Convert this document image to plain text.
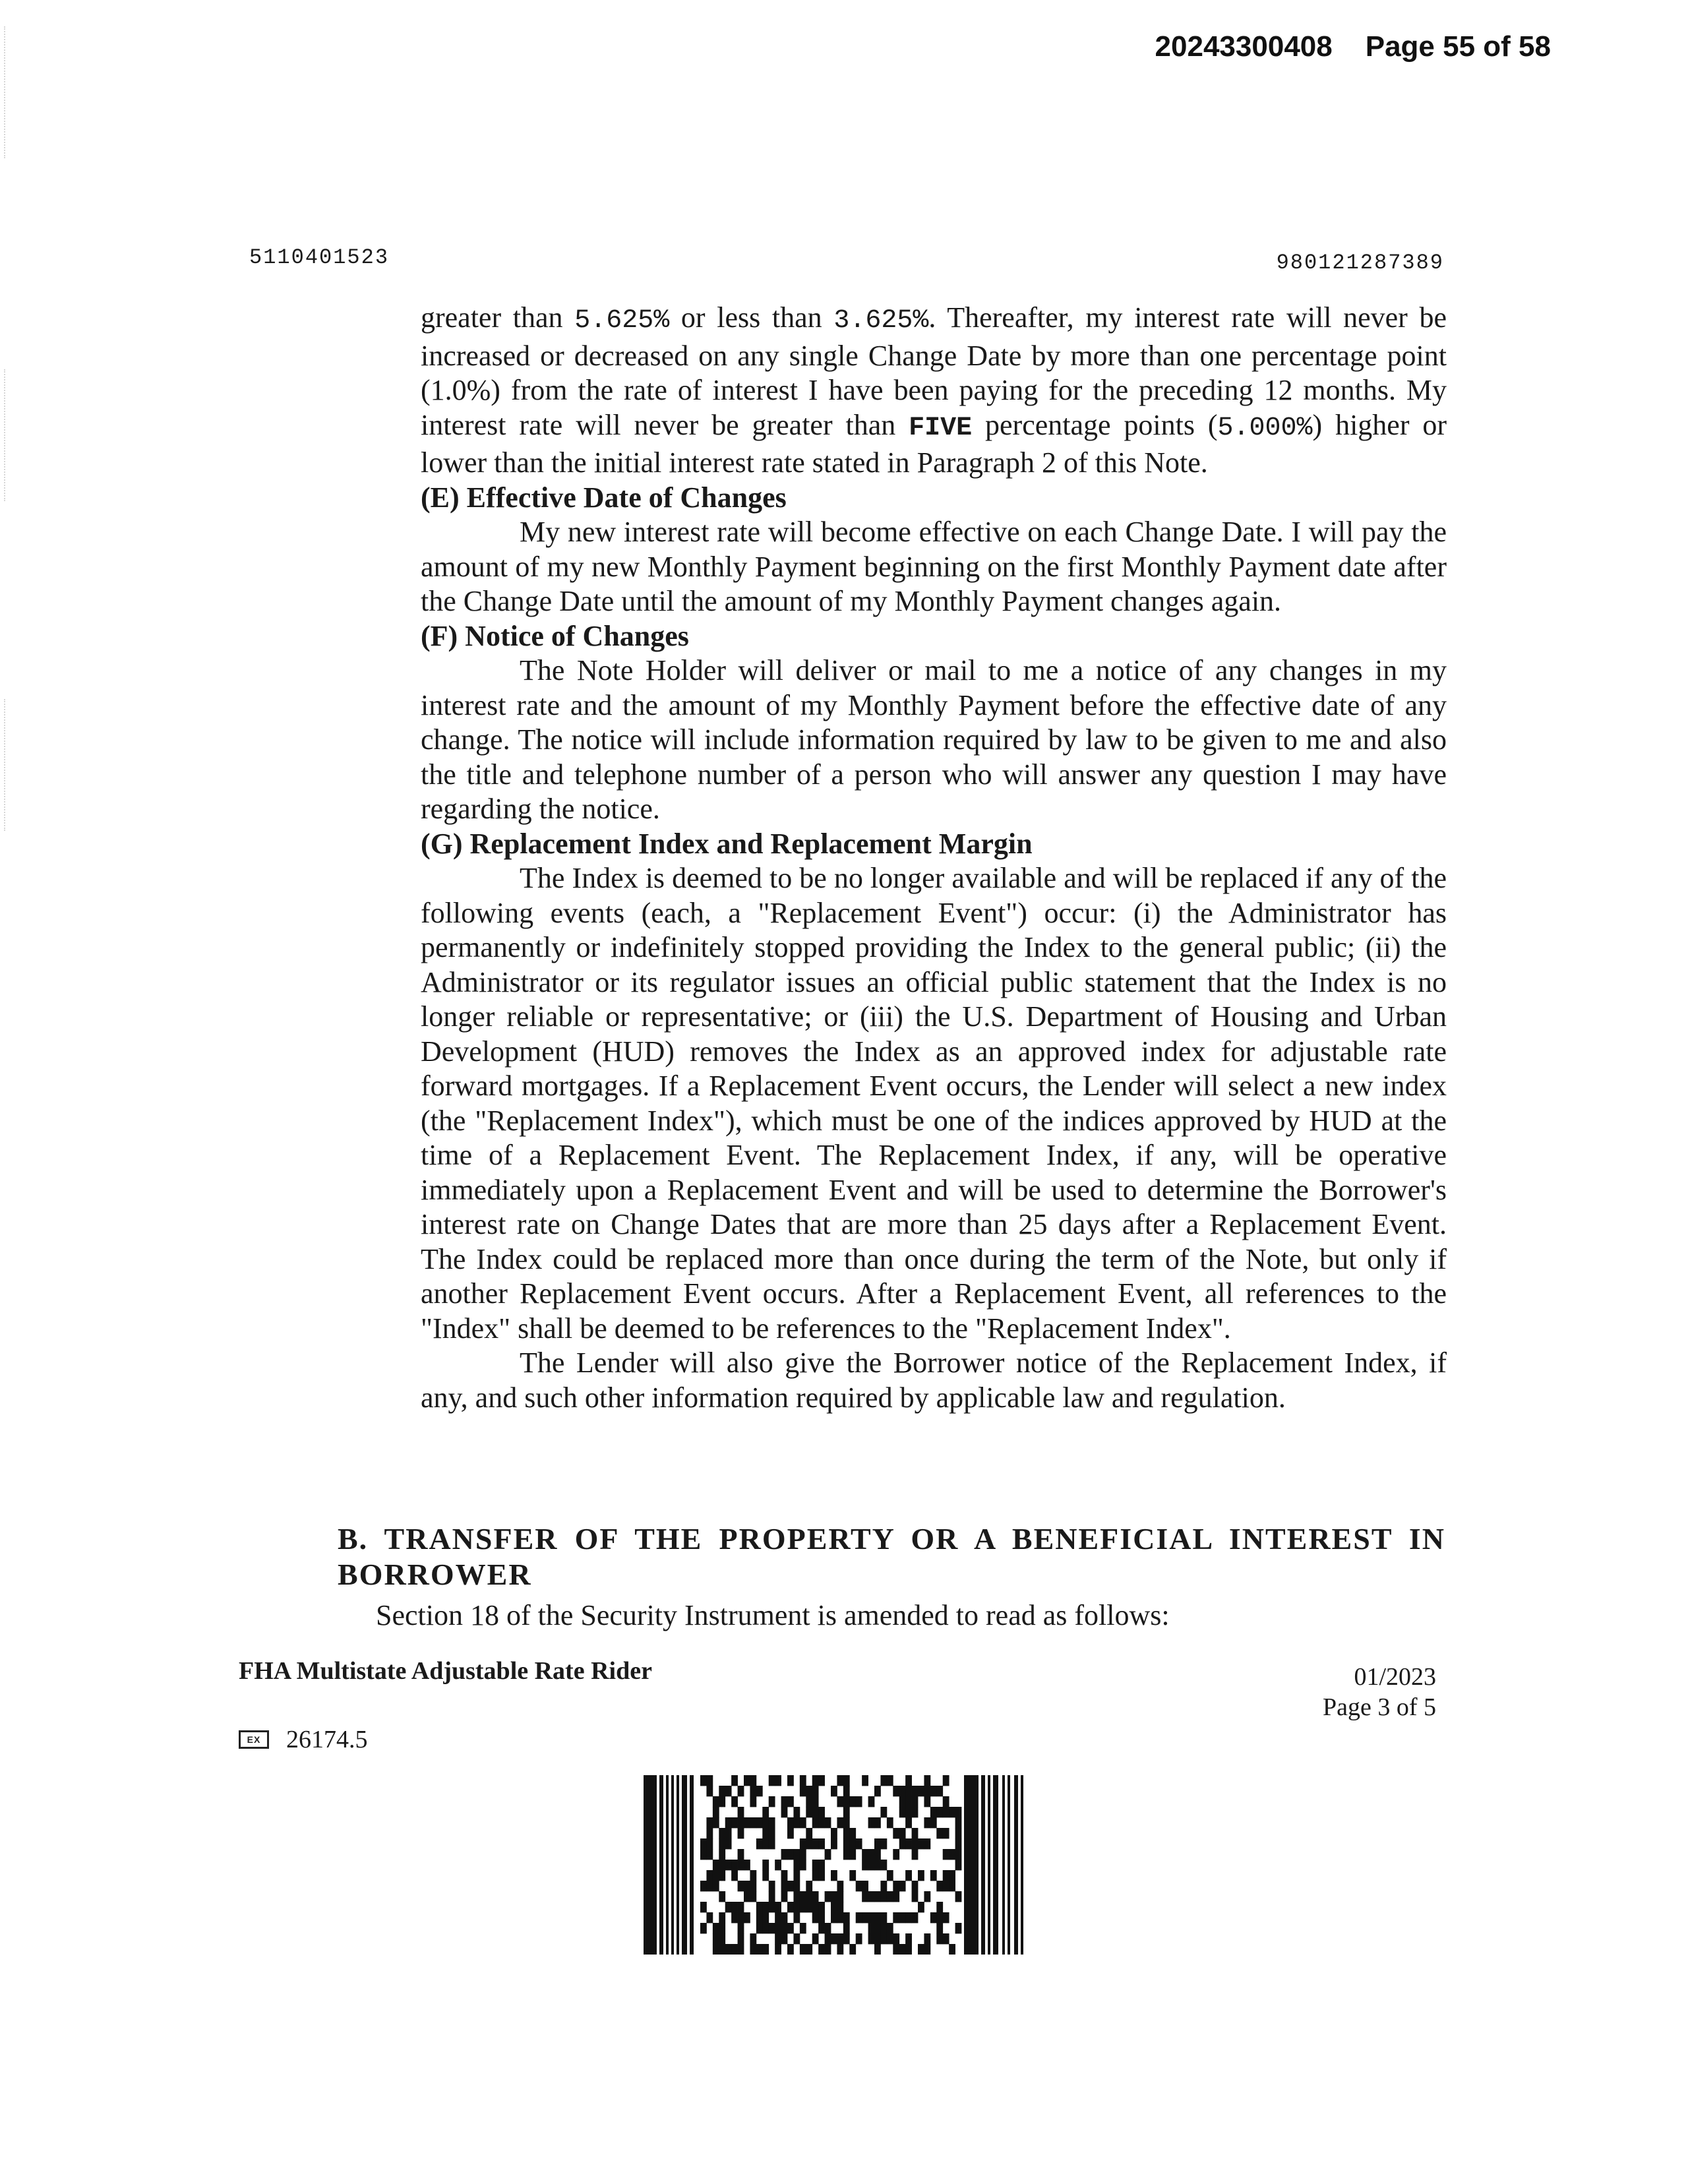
20243300408 Page 55 of 58
5110401523	980121287389

greater than 5.625% or less than 3.625%. Thereafter, my interest rate will never be increased or decreased on any single Change Date by more than one percentage point (1.0%) from the rate of interest I have been paying for the preceding 12 months. My interest rate will never be greater than FIVE percentage points (5.000%) higher or lower than the initial interest rate stated in Paragraph 2 of this Note.

(E) Effective Date of Changes

My new interest rate will become effective on each Change Date. I will pay the amount of my new Monthly Payment beginning on the first Monthly Payment date after the Change Date until the amount of my Monthly Payment changes again.

(F) Notice of Changes

The Note Holder will deliver or mail to me a notice of any changes in my interest rate and the amount of my Monthly Payment before the effective date of any change. The notice will include information required by law to be given to me and also the title and telephone number of a person who will answer any question I may have regarding the notice.

(G) Replacement Index and Replacement Margin

The Index is deemed to be no longer available and will be replaced if any of the following events (each, a "Replacement Event") occur: (i) the Administrator has permanently or indefinitely stopped providing the Index to the general public; (ii) the Administrator or its regulator issues an official public statement that the Index is no longer reliable or representative; or (iii) the U.S. Department of Housing and Urban Development (HUD) removes the Index as an approved index for adjustable rate forward mortgages. If a Replacement Event occurs, the Lender will select a new index (the "Replacement Index"), which must be one of the indices approved by HUD at the time of a Replacement Event. The Replacement Index, if any, will be operative immediately upon a Replacement Event and will be used to determine the Borrower's interest rate on Change Dates that are more than 25 days after a Replacement Event. The Index could be replaced more than once during the term of the Note, but only if another Replacement Event occurs. After a Replacement Event, all references to the "Index" shall be deemed to be references to the "Replacement Index".

The Lender will also give the Borrower notice of the Replacement Index, if any, and such other information required by applicable law and regulation.

B. TRANSFER OF THE PROPERTY OR A BENEFICIAL INTEREST IN BORROWER
Section 18 of the Security Instrument is amended to read as follows:
FHA Multistate Adjustable Rate Rider	01/2023
Page 3 of 5
EX	26174.5
